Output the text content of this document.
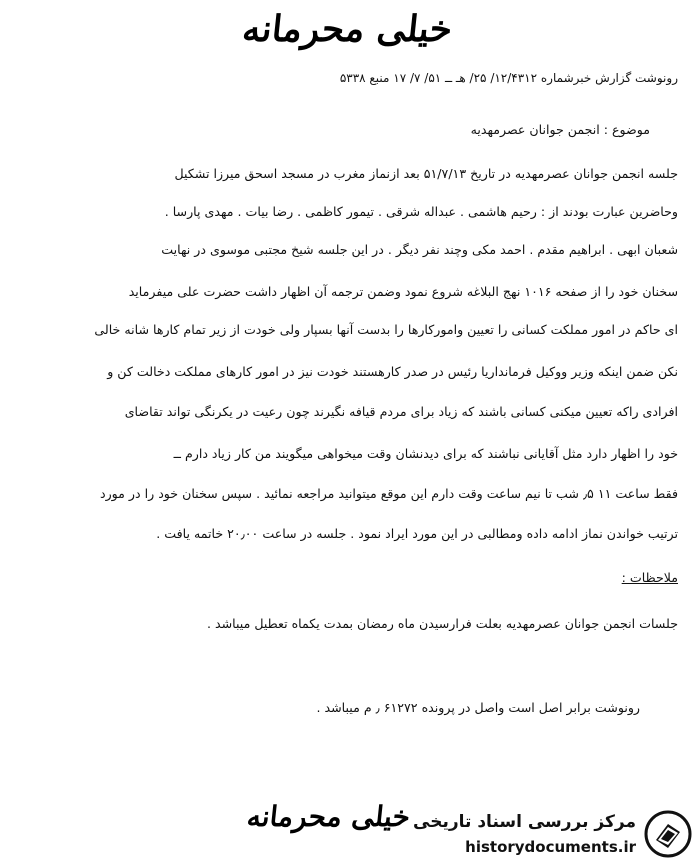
خیلی محرمانه
رونوشت گزارش خبرشماره ۱۲/۴۳۱۲/ ۲۵/ هـ ــ ۵۱/ ۷/ ۱۷ منبع ۵۳۳۸
موضوع : انجمن جوانان عصرمهدیه
جلسه انجمن جوانان عصرمهدیه در تاریخ ۵۱/۷/۱۳ بعد ازنماز مغرب در مسجد اسحق میرزا تشکیل
وحاضرین عبارت بودند از : رحیم هاشمی . عبداله شرقی . تیمور کاظمی . رضا بیات . مهدی پارسا .
شعبان ابهی . ابراهیم مقدم . احمد مکی وچند نفر دیگر . در این جلسه شیخ مجتبی موسوی در نهایت
سخنان خود را از صفحه ۱۰۱۶ نهج البلاغه شروع نمود وضمن ترجمه آن اظهار داشت حضرت علی میفرماید
ای حاکم در امور مملکت کسانی را تعیین وامورکارها را بدست آنها بسپار ولی خودت از زیر تمام کارها شانه خالی
نکن ضمن اینکه وزیر ووکیل فرمانداریا رئیس در صدر کارهستند خودت نیز در امور کارهای مملکت دخالت کن و
افرادی راکه تعیین میکنی کسانی باشند که زیاد برای مردم قیافه نگیرند چون رعیت در یکرنگی تواند تقاضای
خود را اظهار دارد مثل آقایانی نباشند که برای دیدنشان وقت میخواهی میگویند من کار زیاد دارم ــ
فقط ساعت ۱۱ ٫۵ شب تا نیم ساعت وقت دارم این موقع میتوانید مراجعه نمائید . سپس سخنان خود را در مورد
ترتیب خواندن نماز ادامه داده ومطالبی در این مورد ایراد نمود . جلسه در ساعت ۲۰٫۰۰ خاتمه یافت .
ملاحظات :
جلسات انجمن جوانان عصرمهدیه بعلت فرارسیدن ماه رمضان بمدت یکماه تعطیل میباشد .
رونوشت برابر اصل است واصل در پرونده ۶۱۲۷۲ ٫ م میباشد .
خیلی محرمانه مرکز بررسی اسناد تاریخی
historydocuments.ir
